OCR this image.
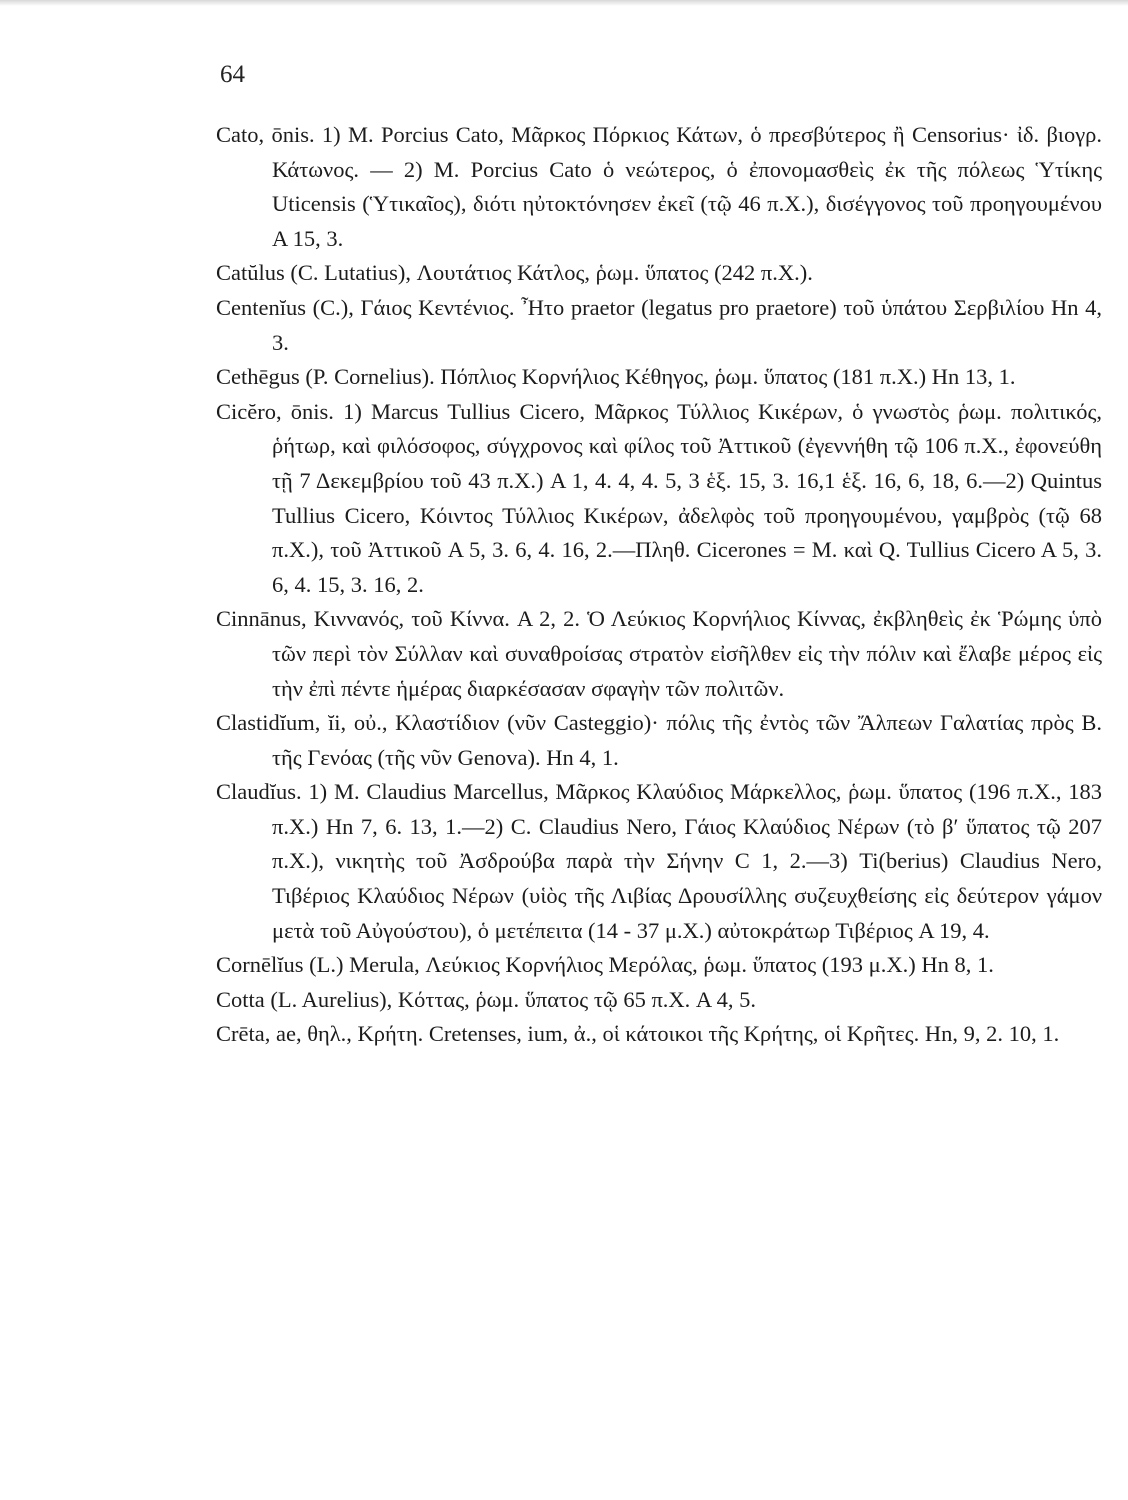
64

Cato, ōnis. 1) M. Porcius Cato, Μᾶρκος Πόρκιος Κάτων, ὁ πρεσβύτερος ἢ Censorius· ἰδ. βιογρ. Κάτωνος. — 2) M. Porcius Cato ὁ νεώτερος, ὁ ἐπονομασθεὶς ἐκ τῆς πόλεως Ὑτίκης Uticensis (Ὑτικαῖος), διότι ηὐτοκτόνησεν ἐκεῖ (τῷ 46 π.Χ.), δισέγγονος τοῦ προηγουμένου A 15, 3.

Catŭlus (C. Lutatius), Λουτάτιος Κάτλος, ῥωμ. ὕπατος (242 π.Χ.).

Centenĭus (C.), Γάιος Κεντένιος. Ἦτο praetor (legatus pro praetore) τοῦ ὑπάτου Σερβιλίου Hn 4, 3.

Cethēgus (P. Cornelius). Πόπλιος Κορνήλιος Κέθηγος, ῥωμ. ὕπατος (181 π.Χ.) Hn 13, 1.

Cicĕro, ōnis. 1) Marcus Tullius Cicero, Μᾶρκος Τύλλιος Κικέρων, ὁ γνωστὸς ῥωμ. πολιτικός, ῥήτωρ, καὶ φιλόσοφος, σύγχρονος καὶ φίλος τοῦ Ἀττικοῦ (ἐγεννήθη τῷ 106 π.Χ., ἐφονεύθη τῇ 7 Δεκεμβρίου τοῦ 43 π.Χ.) A 1, 4. 4, 4. 5, 3 ἑξ. 15, 3. 16,1 ἑξ. 16, 6, 18, 6.—2) Quintus Tullius Cicero, Κόιντος Τύλλιος Κικέρων, ἀδελφὸς τοῦ προηγουμένου, γαμβρὸς (τῷ 68 π.Χ.), τοῦ Ἀττικοῦ A 5, 3. 6, 4. 16, 2.—Πληθ. Cicerones = M. καὶ Q. Tullius Cicero A 5, 3. 6, 4. 15, 3. 16, 2.

Cinnānus, Κιννανός, τοῦ Κίννα. A 2, 2. Ὁ Λεύκιος Κορνήλιος Κίννας, ἐκβληθεὶς ἐκ Ῥώμης ὑπὸ τῶν περὶ τὸν Σύλλαν καὶ συναθροίσας στρατὸν εἰσῆλθεν εἰς τὴν πόλιν καὶ ἔλαβε μέρος εἰς τὴν ἐπὶ πέντε ἡμέρας διαρκέσασαν σφαγὴν τῶν πολιτῶν.

Clastidĭum, ĭi, οὐ., Κλαστίδιον (νῦν Casteggio)· πόλις τῆς ἐντὸς τῶν Ἄλπεων Γαλατίας πρὸς Β. τῆς Γενόας (τῆς νῦν Genova). Hn 4, 1.

Claudĭus. 1) M. Claudius Marcellus, Μᾶρκος Κλαύδιος Μάρκελλος, ῥωμ. ὕπατος (196 π.Χ., 183 π.Χ.) Hn 7, 6. 13, 1.—2) C. Claudius Nero, Γάιος Κλαύδιος Νέρων (τὸ β′ ὕπατος τῷ 207 π.Χ.), νικητὴς τοῦ Ἀσδρούβα παρὰ τὴν Σήνην C 1, 2.—3) Ti(berius) Claudius Nero, Τιβέριος Κλαύδιος Νέρων (υἱὸς τῆς Λιβίας Δρουσίλλης συζευχθείσης εἰς δεύτερον γάμον μετὰ τοῦ Αὐγούστου), ὁ μετέπειτα (14 - 37 μ.Χ.) αὐτοκράτωρ Τιβέριος A 19, 4.

Cornēlĭus (L.) Merula, Λεύκιος Κορνήλιος Μερόλας, ῥωμ. ὕπατος (193 μ.Χ.) Hn 8, 1.

Cotta (L. Aurelius), Κόττας, ῥωμ. ὕπατος τῷ 65 π.Χ. A 4, 5.

Crēta, ae, θηλ., Κρήτη. Cretenses, ium, ἀ., οἱ κάτοικοι τῆς Κρήτης, οἱ Κρῆτες. Hn, 9, 2. 10, 1.
